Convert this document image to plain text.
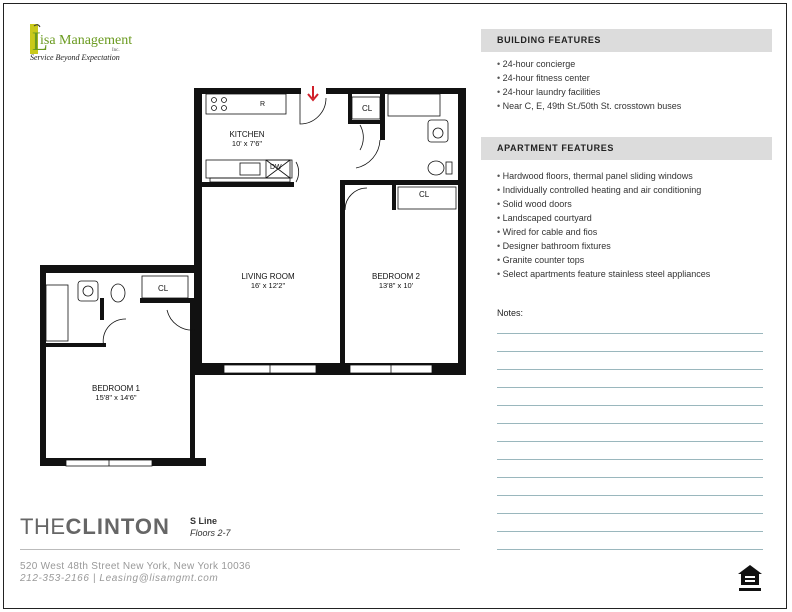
L
isa Management
Inc.
Service Beyond Expectation
R
DW
KITCHEN
10' x 7'6"
LIVING ROOM
16' x 12'2"
BEDROOM 2
13'8" x 10'
BEDROOM 1
15'8" x 14'6"
CL
CL
CL
BUILDING FEATURES
• 24-hour concierge
• 24-hour fitness center
• 24-hour laundry facilities
• Near C, E, 49th St./50th St. crosstown buses
APARTMENT FEATURES
• Hardwood floors, thermal panel sliding windows
• Individually controlled heating and air conditioning
• Solid wood doors
• Landscaped courtyard
• Wired for cable and fios
• Designer bathroom fixtures
• Granite counter tops
• Select apartments feature stainless steel appliances
Notes:
THECLINTON S Line
Floors 2-7
520 West 48th Street New York, New York 10036
212-353-2166 | Leasing@lisamgmt.com
